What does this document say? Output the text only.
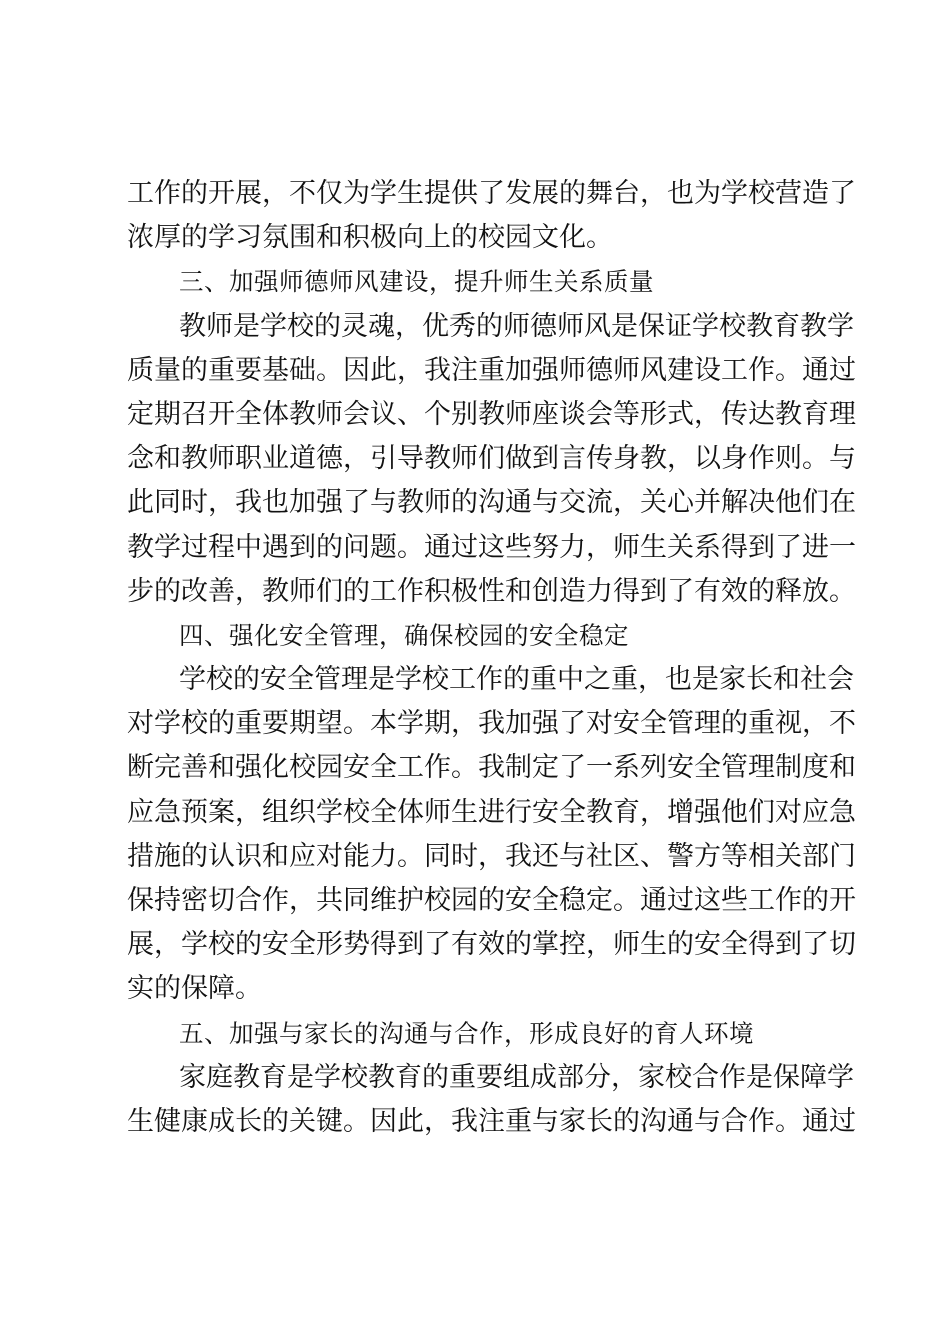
工作的开展，不仅为学生提供了发展的舞台，也为学校营造了
浓厚的学习氛围和积极向上的校园文化。
三、加强师德师风建设，提升师生关系质量
教师是学校的灵魂，优秀的师德师风是保证学校教育教学
质量的重要基础。因此，我注重加强师德师风建设工作。通过
定期召开全体教师会议、个别教师座谈会等形式，传达教育理
念和教师职业道德，引导教师们做到言传身教，以身作则。与
此同时，我也加强了与教师的沟通与交流，关心并解决他们在
教学过程中遇到的问题。通过这些努力，师生关系得到了进一
步的改善，教师们的工作积极性和创造力得到了有效的释放。
四、强化安全管理，确保校园的安全稳定
学校的安全管理是学校工作的重中之重，也是家长和社会
对学校的重要期望。本学期，我加强了对安全管理的重视，不
断完善和强化校园安全工作。我制定了一系列安全管理制度和
应急预案，组织学校全体师生进行安全教育，增强他们对应急
措施的认识和应对能力。同时，我还与社区、警方等相关部门
保持密切合作，共同维护校园的安全稳定。通过这些工作的开
展，学校的安全形势得到了有效的掌控，师生的安全得到了切
实的保障。
五、加强与家长的沟通与合作，形成良好的育人环境
家庭教育是学校教育的重要组成部分，家校合作是保障学
生健康成长的关键。因此，我注重与家长的沟通与合作。通过
